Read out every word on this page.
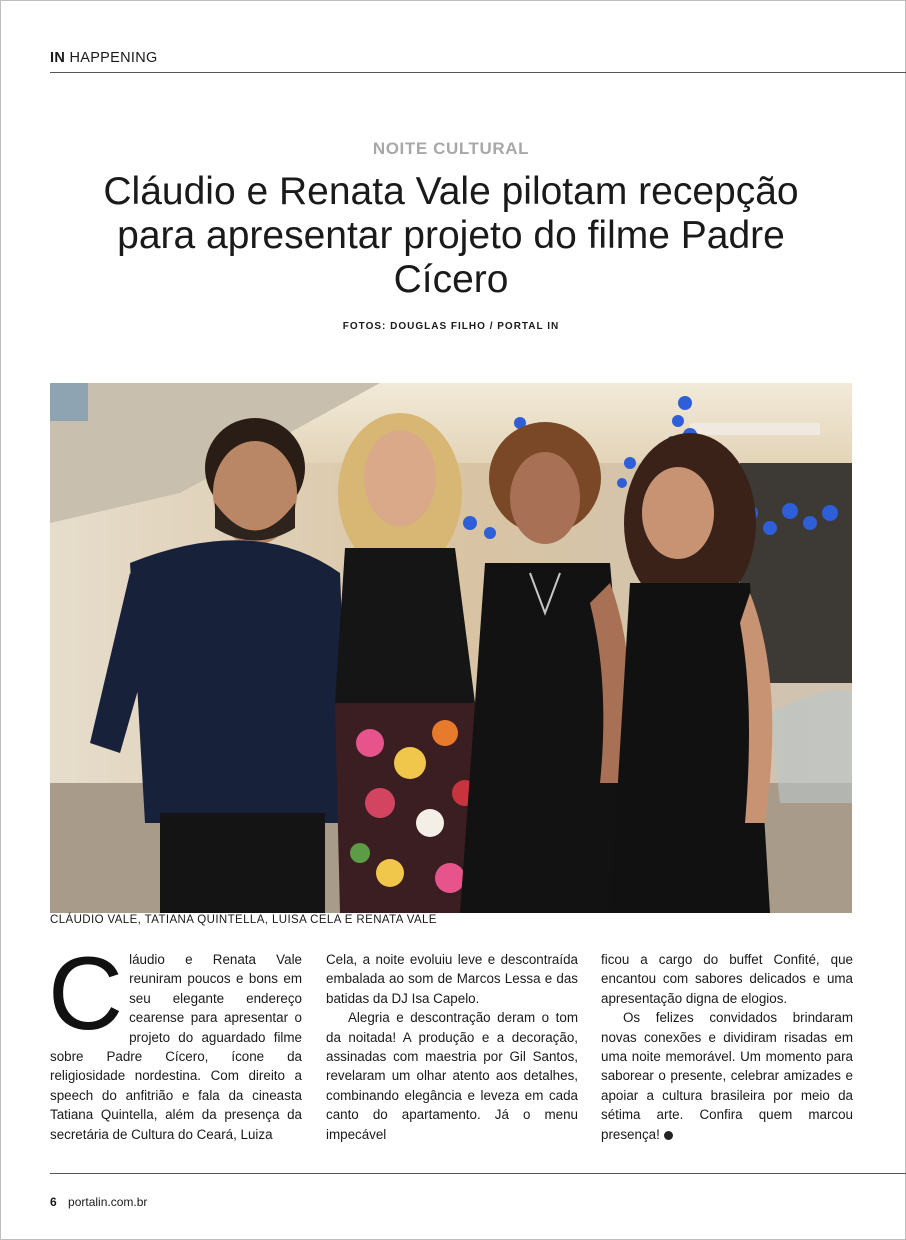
IN HAPPENING
NOITE CULTURAL
Cláudio e Renata Vale pilotam recepção para apresentar projeto do filme Padre Cícero
FOTOS: DOUGLAS FILHO / PORTAL IN
CLÁUDIO VALE, TATIANA QUINTELLA, LUISA CELA E RENATA VALE

Cláudio e Renata Vale reuniram poucos e bons em seu elegante endereço cearense para apresentar o projeto do aguardado filme sobre Padre Cícero, ícone da religiosidade nordestina. Com direito a speech do anfitrião e fala da cineasta Tatiana Quintella, além da presença da secretária de Cultura do Ceará, Luiza

Cela, a noite evoluiu leve e descontraída embalada ao som de Marcos Lessa e das batidas da DJ Isa Capelo.

Alegria e descontração deram o tom da noitada! A produção e a decoração, assinadas com maestria por Gil Santos, revelaram um olhar atento aos detalhes, combinando elegância e leveza em cada canto do apartamento. Já o menu impecável

ficou a cargo do buffet Confité, que encantou com sabores delicados e uma apresentação digna de elogios.

Os felizes convidados brindaram novas conexões e dividiram risadas em uma noite memorável. Um momento para saborear o presente, celebrar amizades e apoiar a cultura brasileira por meio da sétima arte. Confira quem marcou presença!

6 portalin.com.br
